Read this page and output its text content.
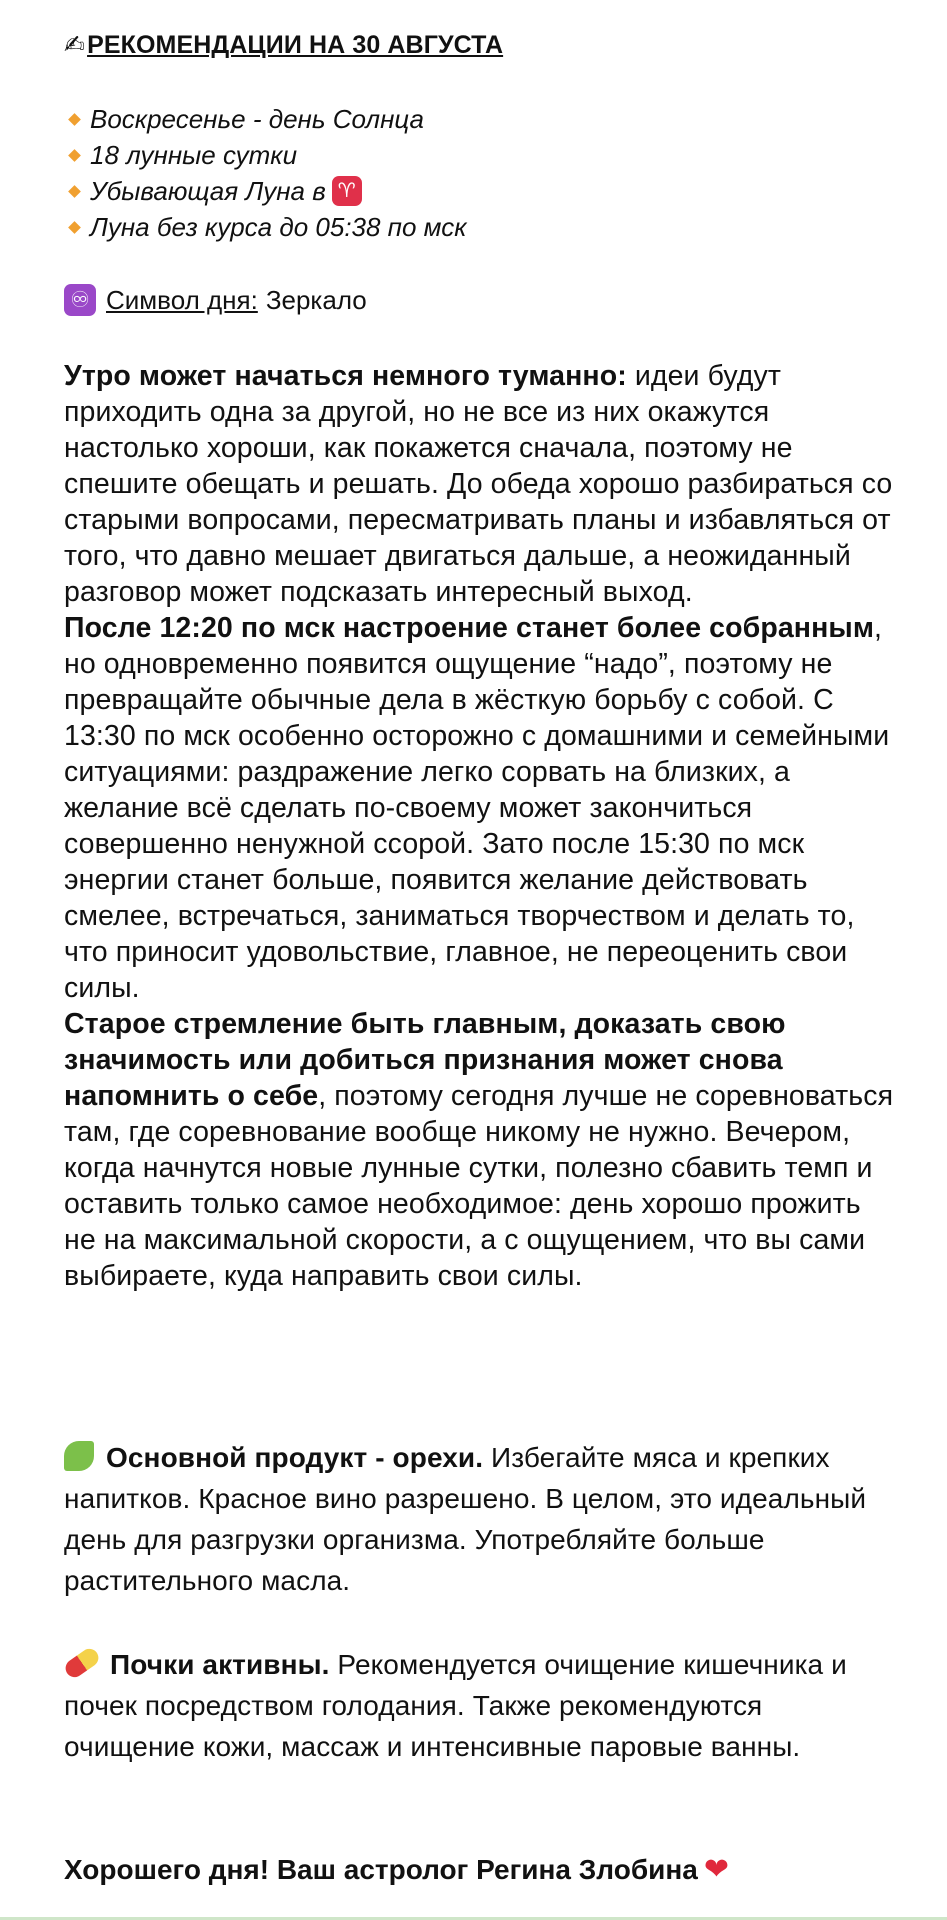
✍РЕКОМЕНДАЦИИ НА 30 АВГУСТА
Воскресенье - день Солнца
18 лунные сутки
Убывающая Луна в ♈
Луна без курса до 05:38 по мск
♾ Символ дня: Зеркало

Утро может начаться немного туманно: идеи будут приходить одна за другой, но не все из них окажутся настолько хороши, как покажется сначала, поэтому не спешите обещать и решать. До обеда хорошо разбираться со старыми вопросами, пересматривать планы и избавляться от того, что давно мешает двигаться дальше, а неожиданный разговор может подсказать интересный выход.

После 12:20 по мск настроение станет более собранным, но одновременно появится ощущение “надо”, поэтому не превращайте обычные дела в жёсткую борьбу с собой. С 13:30 по мск особенно осторожно с домашними и семейными ситуациями: раздражение легко сорвать на близких, а желание всё сделать по-своему может закончиться совершенно ненужной ссорой. Зато после 15:30 по мск энергии станет больше, появится желание действовать смелее, встречаться, заниматься творчеством и делать то, что приносит удовольствие, главное, не переоценить свои силы.

Старое стремление быть главным, доказать свою значимость или добиться признания может снова напомнить о себе, поэтому сегодня лучше не соревноваться там, где соревнование вообще никому не нужно. Вечером, когда начнутся новые лунные сутки, полезно сбавить темп и оставить только самое необходимое: день хорошо прожить не на максимальной скорости, а с ощущением, что вы сами выбираете, куда направить свои силы.

Основной продукт - орехи. Избегайте мяса и крепких напитков. Красное вино разрешено. В целом, это идеальный день для разгрузки организма. Употребляйте больше растительного масла.
Почки активны. Рекомендуется очищение кишечника и почек посредством голодания. Также рекомендуются очищение кожи, массаж и интенсивные паровые ванны.
Хорошего дня! Ваш астролог Регина Злобина ❤
